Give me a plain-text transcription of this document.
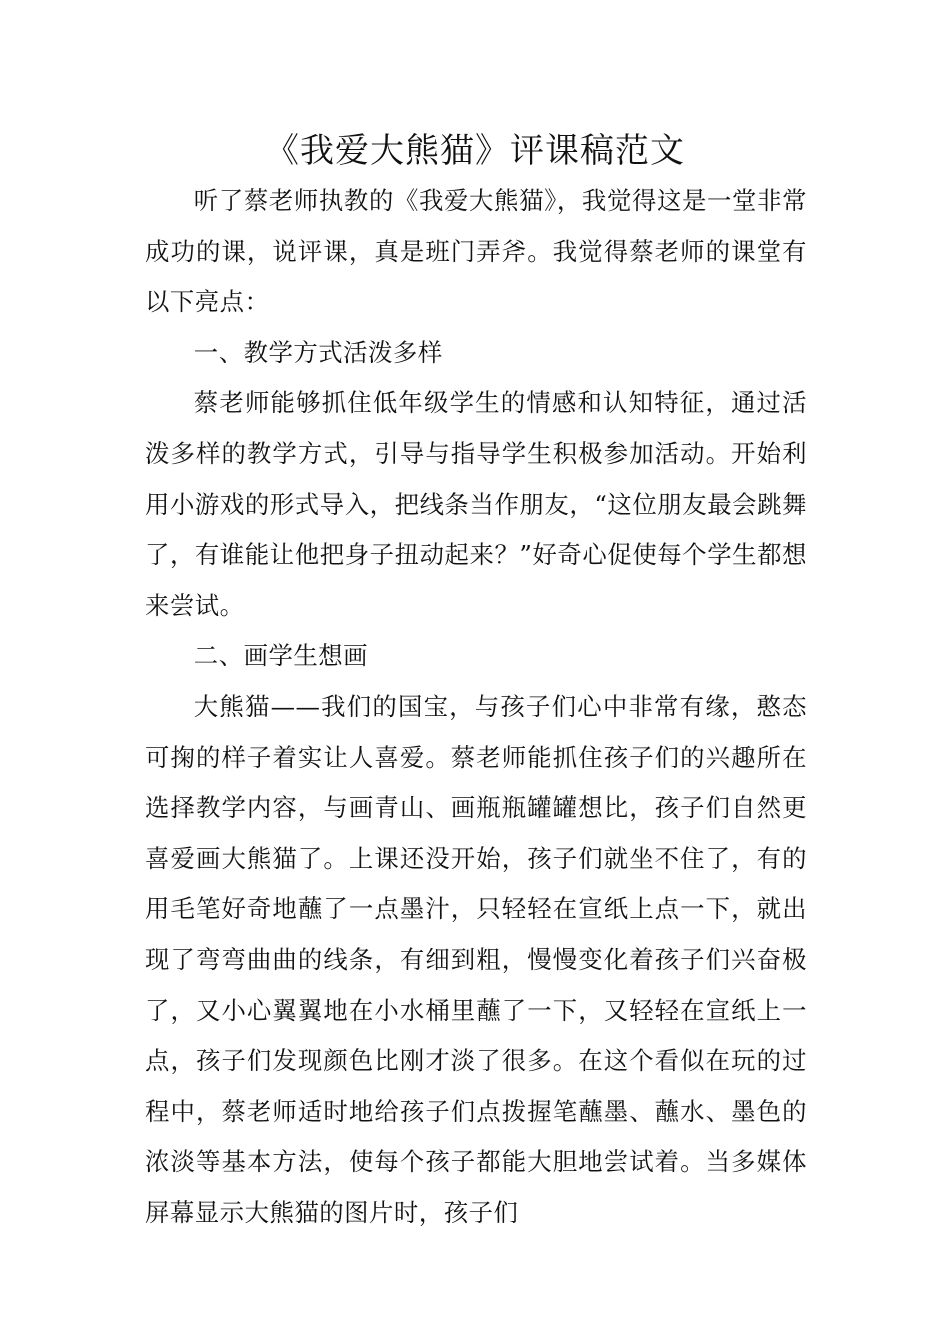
《我爱大熊猫》评课稿范文

听了蔡老师执教的《我爱大熊猫》，我觉得这是一堂非常成功的课，说评课，真是班门弄斧。我觉得蔡老师的课堂有以下亮点：

一、教学方式活泼多样

蔡老师能够抓住低年级学生的情感和认知特征，通过活泼多样的教学方式，引导与指导学生积极参加活动。开始利用小游戏的形式导入，把线条当作朋友，“这位朋友最会跳舞了，有谁能让他把身子扭动起来？”好奇心促使每个学生都想来尝试。

二、画学生想画

大熊猫——我们的国宝，与孩子们心中非常有缘，憨态可掬的样子着实让人喜爱。蔡老师能抓住孩子们的兴趣所在选择教学内容，与画青山、画瓶瓶罐罐想比，孩子们自然更喜爱画大熊猫了。上课还没开始，孩子们就坐不住了，有的用毛笔好奇地蘸了一点墨汁，只轻轻在宣纸上点一下，就出现了弯弯曲曲的线条，有细到粗，慢慢变化着孩子们兴奋极了，又小心翼翼地在小水桶里蘸了一下，又轻轻在宣纸上一点，孩子们发现颜色比刚才淡了很多。在这个看似在玩的过程中，蔡老师适时地给孩子们点拨握笔蘸墨、蘸水、墨色的浓淡等基本方法，使每个孩子都能大胆地尝试着。当多媒体屏幕显示大熊猫的图片时，孩子们
